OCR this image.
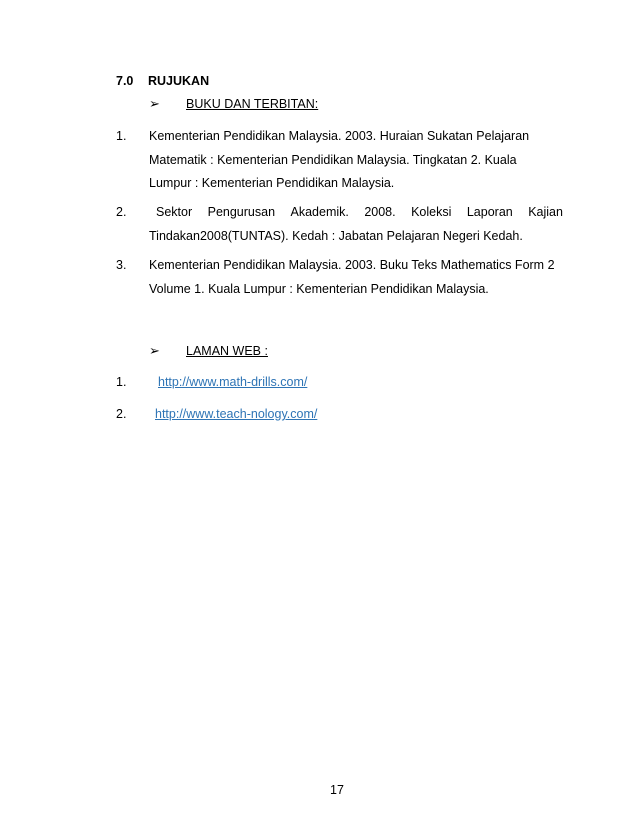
7.0 RUJUKAN
➢ BUKU DAN TERBITAN:
1. Kementerian Pendidikan Malaysia. 2003. Huraian Sukatan Pelajaran
Matematik : Kementerian Pendidikan Malaysia. Tingkatan 2. Kuala
Lumpur : Kementerian Pendidikan Malaysia.
2. Sektor Pengurusan Akademik. 2008. Koleksi Laporan Kajian
Tindakan2008(TUNTAS). Kedah : Jabatan Pelajaran Negeri Kedah.
3. Kementerian Pendidikan Malaysia. 2003. Buku Teks Mathematics Form 2
Volume 1. Kuala Lumpur : Kementerian Pendidikan Malaysia.
➢ LAMAN WEB :
1.	http://www.math-drills.com/
2. http://www.teach-nology.com/
17
